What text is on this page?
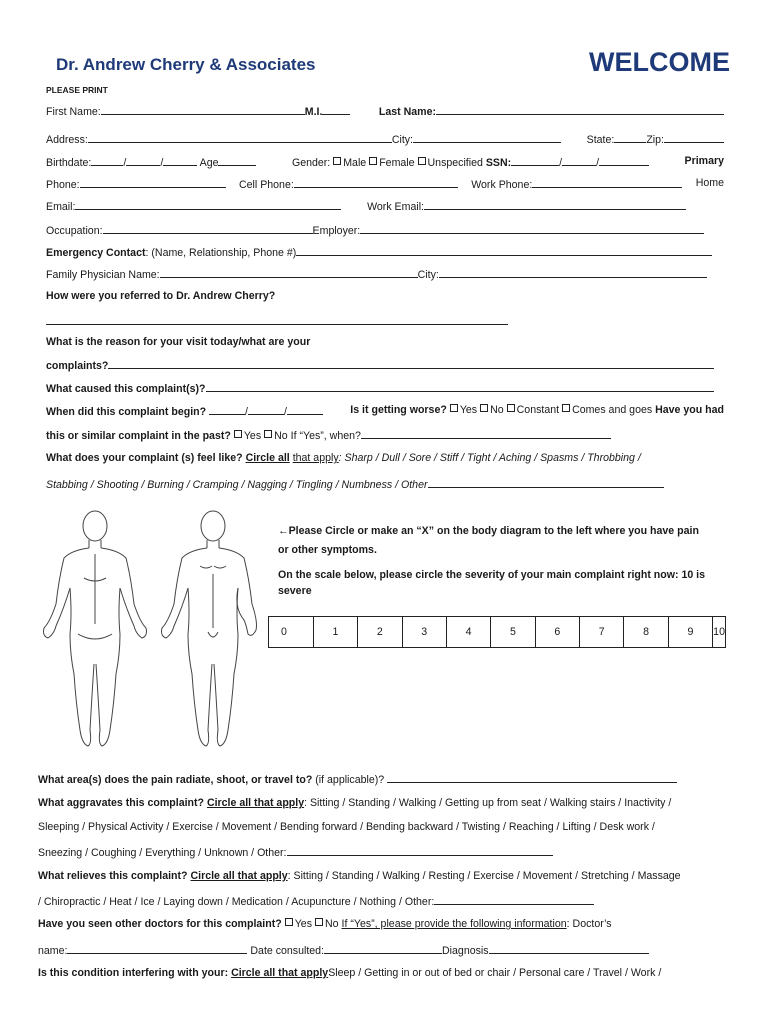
Dr. Andrew Cherry & Associates	WELCOME
PLEASE PRINT
First Name:	M.I.	Last Name:
Address:	City:	State:	Zip:
Birthdate:	/	/	Age	Gender: Male Female Unspecified SSN:	/	/	Primary
Phone:	Cell Phone:	Work Phone:	Home
Email:	Work Email:
Occupation:	Employer:
Emergency Contact: (Name, Relationship, Phone #)
Family Physician Name:	City:
How were you referred to Dr. Andrew Cherry?
What is the reason for your visit today/what are your
complaints?
What caused this complaint(s)?
When did this complaint begin?	/	/	Is it getting worse? Yes No Constant Comes and goes Have you had
this or similar complaint in the past? Yes No If “Yes”, when?
What does your complaint (s) feel like? Circle all that apply: Sharp / Dull / Sore / Stiff / Tight / Aching / Spasms / Throbbing /
Stabbing / Shooting / Burning / Cramping / Nagging / Tingling / Numbness / Other
←Please Circle or make an “X” on the body diagram to the left where you have pain
or other symptoms.
On the scale below, please circle the severity of your main complaint right now: 10 is
severe
0	1	2	3	4	5	6	7	8	9	10
What area(s) does the pain radiate, shoot, or travel to? (if applicable)?
What aggravates this complaint? Circle all that apply: Sitting / Standing / Walking / Getting up from seat / Walking stairs / Inactivity /
Sleeping / Physical Activity / Exercise / Movement / Bending forward / Bending backward / Twisting / Reaching / Lifting / Desk work /
Sneezing / Coughing / Everything / Unknown / Other:
What relieves this complaint? Circle all that apply: Sitting / Standing / Walking / Resting / Exercise / Movement / Stretching / Massage
/ Chiropractic / Heat / Ice / Laying down / Medication / Acupuncture / Nothing / Other:
Have you seen other doctors for this complaint? Yes No If “Yes”, please provide the following information: Doctor’s
name:	Date consulted:	Diagnosis
Is this condition interfering with your: Circle all that applySleep / Getting in or out of bed or chair / Personal care / Travel / Work /
